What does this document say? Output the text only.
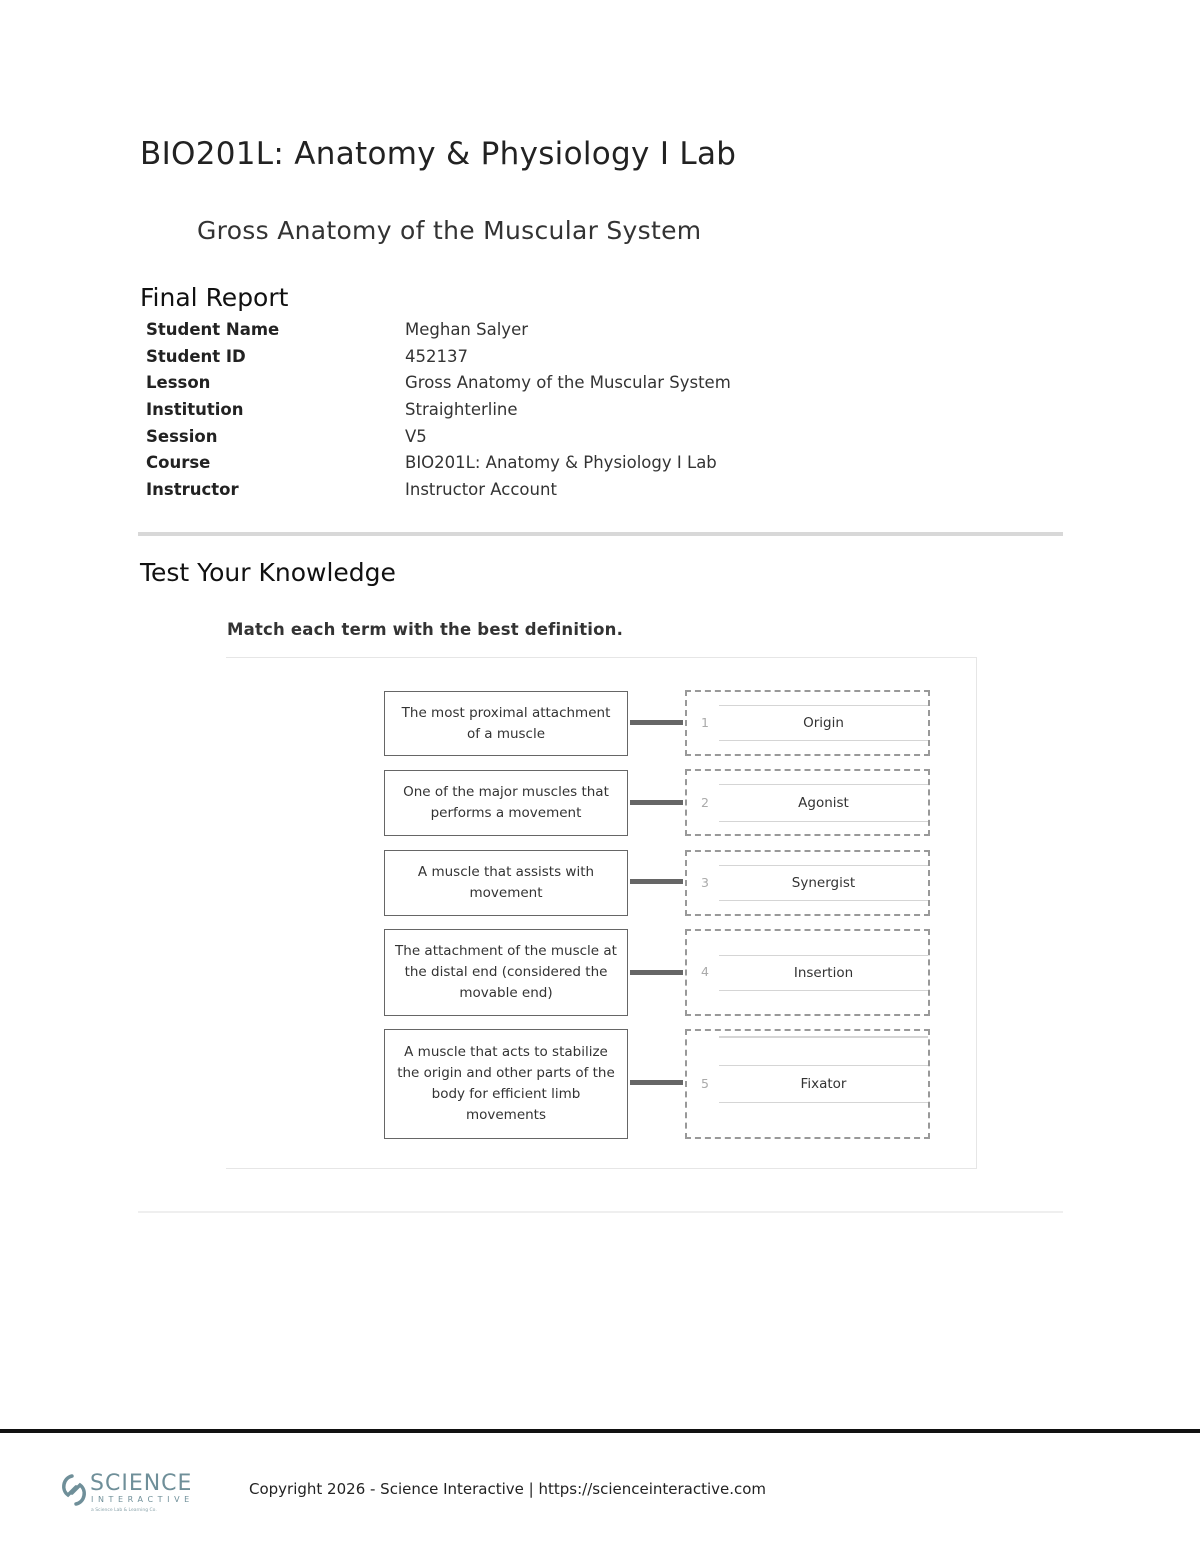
BIO201L: Anatomy & Physiology I Lab
Gross Anatomy of the Muscular System
Final Report
Student Name	Meghan Salyer
Student ID	452137
Lesson	Gross Anatomy of the Muscular System
Institution	Straighterline
Session	V5
Course	BIO201L: Anatomy & Physiology I Lab
Instructor	Instructor Account
Test Your Knowledge

Match each term with the best definition.

The most proximal attachment of a muscle
1	Origin
One of the major muscles that performs a movement
2	Agonist
A muscle that assists with movement
3	Synergist
The attachment of the muscle at the distal end (considered the movable end)
4	Insertion
A muscle that acts to stabilize the origin and other parts of the body for efficient limb movements
5	Fixator
SCIENCE
INTERACTIVE
a Science Lab & Learning Co.

Copyright 2026 - Science Interactive | https://scienceinteractive.com
